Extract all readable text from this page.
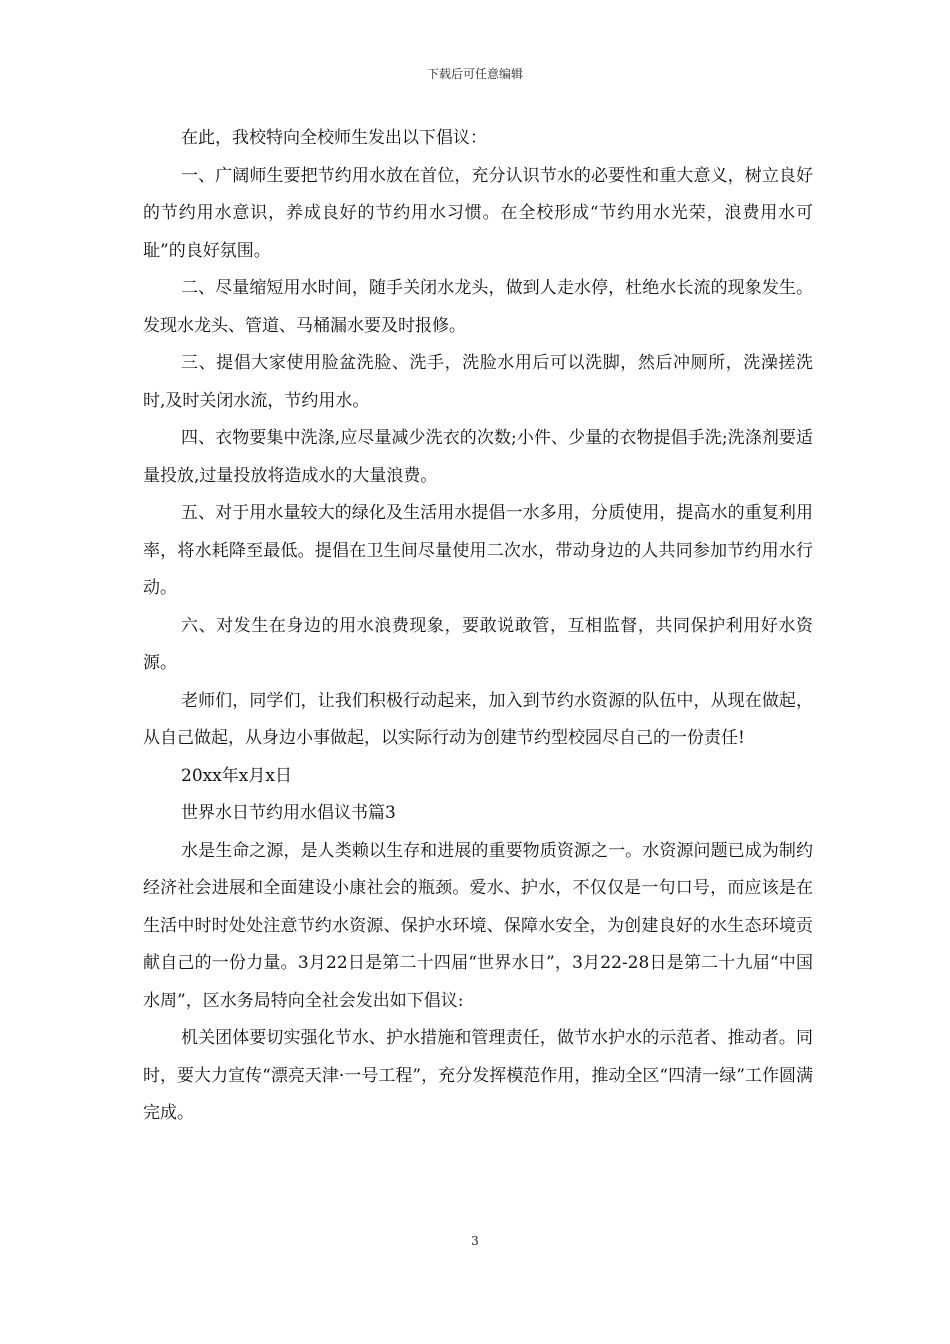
下载后可任意编辑

在此，我校特向全校师生发出以下倡议：

一、广阔师生要把节约用水放在首位，充分认识节水的必要性和重大意义，树立良好的节约用水意识，养成良好的节约用水习惯。在全校形成“节约用水光荣，浪费用水可耻”的良好氛围。

二、尽量缩短用水时间，随手关闭水龙头，做到人走水停，杜绝水长流的现象发生。发现水龙头、管道、马桶漏水要及时报修。

三、提倡大家使用脸盆洗脸、洗手，洗脸水用后可以洗脚，然后冲厕所，洗澡搓洗时,及时关闭水流，节约用水。

四、衣物要集中洗涤,应尽量减少洗衣的次数;小件、少量的衣物提倡手洗;洗涤剂要适量投放,过量投放将造成水的大量浪费。

五、对于用水量较大的绿化及生活用水提倡一水多用，分质使用，提高水的重复利用率，将水耗降至最低。提倡在卫生间尽量使用二次水，带动身边的人共同参加节约用水行动。

六、对发生在身边的用水浪费现象，要敢说敢管，互相监督，共同保护利用好水资源。

老师们，同学们，让我们积极行动起来，加入到节约水资源的队伍中，从现在做起，从自己做起，从身边小事做起，以实际行动为创建节约型校园尽自己的一份责任!

20xx年x月x日

世界水日节约用水倡议书篇3

水是生命之源，是人类赖以生存和进展的重要物质资源之一。水资源问题已成为制约经济社会进展和全面建设小康社会的瓶颈。爱水、护水，不仅仅是一句口号，而应该是在生活中时时处处注意节约水资源、保护水环境、保障水安全，为创建良好的水生态环境贡献自己的一份力量。3月22日是第二十四届“世界水日”，3月22-28日是第二十九届“中国水周”，区水务局特向全社会发出如下倡议:

机关团体要切实强化节水、护水措施和管理责任，做节水护水的示范者、推动者。同时，要大力宣传“漂亮天津·一号工程”，充分发挥模范作用，推动全区“四清一绿”工作圆满完成。

3
